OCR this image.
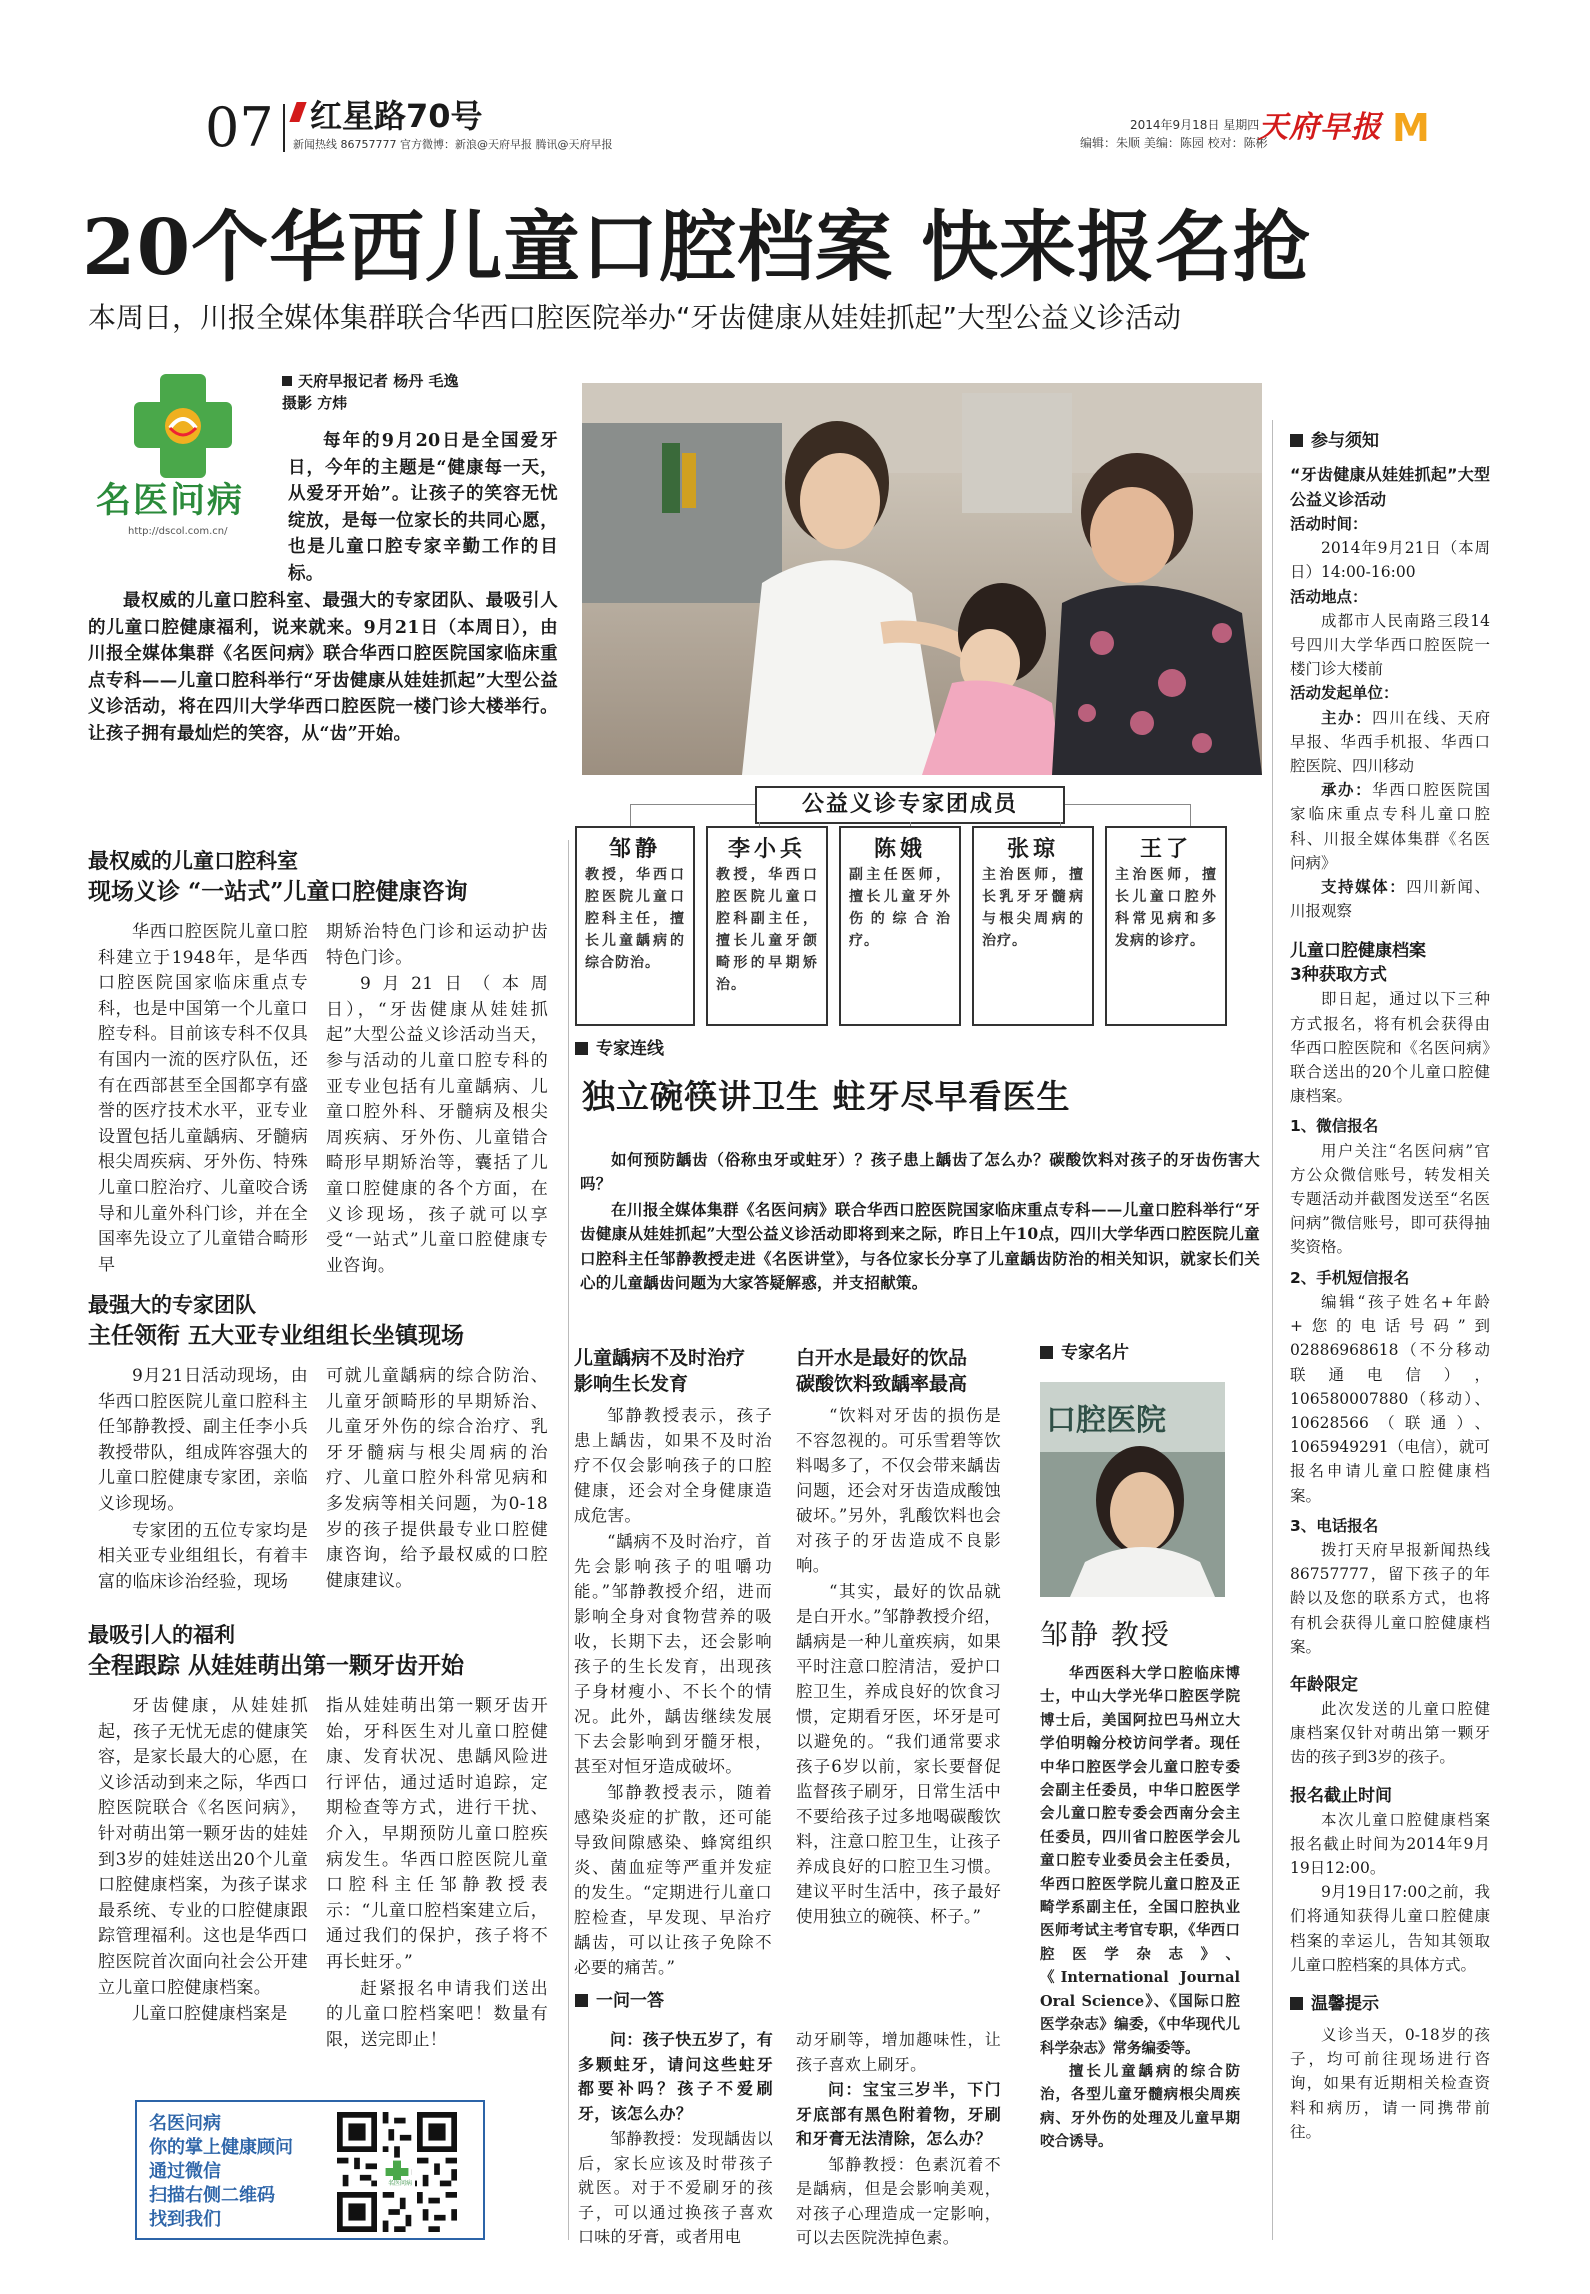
07 红星路70号
新闻热线 86757777 官方微博：新浪@天府早报 腾讯@天府早报
2014年9月18日 星期四
编辑：朱顺 美编：陈园 校对：陈彬
天府早报 M
20个华西儿童口腔档案 快来报名抢
本周日，川报全媒体集群联合华西口腔医院举办“牙齿健康从娃娃抓起”大型公益义诊活动
天府早报记者 杨丹 毛逸
摄影 方炜
名医问病
http://dscol.com.cn/

每年的9月20日是全国爱牙日，今年的主题是“健康每一天，从爱牙开始”。让孩子的笑容无忧绽放，是每一位家长的共同心愿，也是儿童口腔专家辛勤工作的目标。

最权威的儿童口腔科室、最强大的专家团队、最吸引人的儿童口腔健康福利，说来就来。9月21日（本周日），由川报全媒体集群《名医问病》联合华西口腔医院国家临床重点专科——儿童口腔科举行“牙齿健康从娃娃抓起”大型公益义诊活动，将在四川大学华西口腔医院一楼门诊大楼举行。让孩子拥有最灿烂的笑容，从“齿”开始。

公益义诊专家团成员
邹静
教授，华西口腔医院儿童口腔科主任，擅长儿童龋病的综合防治。
李小兵
教授，华西口腔医院儿童口腔科副主任，擅长儿童牙颌畸形的早期矫治。
陈娥
副主任医师，擅长儿童牙外伤的综合治疗。
张琼
主治医师，擅长乳牙牙髓病与根尖周病的治疗。
王了
主治医师，擅长儿童口腔外科常见病和多发病的诊疗。
最权威的儿童口腔科室
现场义诊 “一站式”儿童口腔健康咨询

华西口腔医院儿童口腔科建立于1948年，是华西口腔医院国家临床重点专科，也是中国第一个儿童口腔专科。目前该专科不仅具有国内一流的医疗队伍，还有在西部甚至全国都享有盛誉的医疗技术水平，亚专业设置包括儿童龋病、牙髓病根尖周疾病、牙外伤、特殊儿童口腔治疗、儿童咬合诱导和儿童外科门诊，并在全国率先设立了儿童错合畸形早

期矫治特色门诊和运动护齿特色门诊。

9月21日（本周日），“牙齿健康从娃娃抓起”大型公益义诊活动当天，参与活动的儿童口腔专科的亚专业包括有儿童龋病、儿童口腔外科、牙髓病及根尖周疾病、牙外伤、儿童错合畸形早期矫治等，囊括了儿童口腔健康的各个方面，在义诊现场，孩子就可以享受“一站式”儿童口腔健康专业咨询。

最强大的专家团队
主任领衔 五大亚专业组组长坐镇现场

9月21日活动现场，由华西口腔医院儿童口腔科主任邹静教授、副主任李小兵教授带队，组成阵容强大的儿童口腔健康专家团，亲临义诊现场。

专家团的五位专家均是相关亚专业组组长，有着丰富的临床诊治经验，现场

可就儿童龋病的综合防治、儿童牙颌畸形的早期矫治、儿童牙外伤的综合治疗、乳牙牙髓病与根尖周病的治疗、儿童口腔外科常见病和多发病等相关问题，为0-18岁的孩子提供最专业口腔健康咨询，给予最权威的口腔健康建议。

最吸引人的福利
全程跟踪 从娃娃萌出第一颗牙齿开始

牙齿健康，从娃娃抓起，孩子无忧无虑的健康笑容，是家长最大的心愿，在义诊活动到来之际，华西口腔医院联合《名医问病》，针对萌出第一颗牙齿的娃娃到3岁的娃娃送出20个儿童口腔健康档案，为孩子谋求最系统、专业的口腔健康跟踪管理福利。这也是华西口腔医院首次面向社会公开建立儿童口腔健康档案。

儿童口腔健康档案是

指从娃娃萌出第一颗牙齿开始，牙科医生对儿童口腔健康、发育状况、患龋风险进行评估，通过适时追踪，定期检查等方式，进行干扰、介入，早期预防儿童口腔疾病发生。华西口腔医院儿童口腔科主任邹静教授表示：“儿童口腔档案建立后，通过我们的保护，孩子将不再长蛀牙。”

赶紧报名申请我们送出的儿童口腔档案吧！数量有限，送完即止！

名医问病
你的掌上健康顾问
通过微信
扫描右侧二维码
找到我们
名医问病
专家连线
独立碗筷讲卫生 蛀牙尽早看医生

如何预防龋齿（俗称虫牙或蛀牙）？孩子患上龋齿了怎么办？碳酸饮料对孩子的牙齿伤害大吗？

在川报全媒体集群《名医问病》联合华西口腔医院国家临床重点专科——儿童口腔科举行“牙齿健康从娃娃抓起”大型公益义诊活动即将到来之际，昨日上午10点，四川大学华西口腔医院儿童口腔科主任邹静教授走进《名医讲堂》，与各位家长分享了儿童龋齿防治的相关知识，就家长们关心的儿童龋齿问题为大家答疑解惑，并支招献策。

儿童龋病不及时治疗
影响生长发育

邹静教授表示，孩子患上龋齿，如果不及时治疗不仅会影响孩子的口腔健康，还会对全身健康造成危害。

“龋病不及时治疗，首先会影响孩子的咀嚼功能。”邹静教授介绍，进而影响全身对食物营养的吸收，长期下去，还会影响孩子的生长发育，出现孩子身材瘦小、不长个的情况。此外，龋齿继续发展下去会影响到牙髓牙根，甚至对恒牙造成破坏。

邹静教授表示，随着感染炎症的扩散，还可能导致间隙感染、蜂窝组织炎、菌血症等严重并发症的发生。“定期进行儿童口腔检查，早发现、早治疗龋齿，可以让孩子免除不必要的痛苦。”

白开水是最好的饮品
碳酸饮料致龋率最高

“饮料对牙齿的损伤是不容忽视的。可乐雪碧等饮料喝多了，不仅会带来龋齿问题，还会对牙齿造成酸蚀破坏。”另外，乳酸饮料也会对孩子的牙齿造成不良影响。

“其实，最好的饮品就是白开水。”邹静教授介绍，龋病是一种儿童疾病，如果平时注意口腔清洁，爱护口腔卫生，养成良好的饮食习惯，定期看牙医，坏牙是可以避免的。“我们通常要求孩子6岁以前，家长要督促监督孩子刷牙，日常生活中不要给孩子过多地喝碳酸饮料，注意口腔卫生，让孩子养成良好的口腔卫生习惯。建议平时生活中，孩子最好使用独立的碗筷、杯子。”

一问一答

问：孩子快五岁了，有多颗蛀牙，请问这些蛀牙都要补吗？孩子不爱刷牙，该怎么办？

邹静教授：发现龋齿以后，家长应该及时带孩子就医。对于不爱刷牙的孩子，可以通过换孩子喜欢口味的牙膏，或者用电

动牙刷等，增加趣味性，让孩子喜欢上刷牙。

问：宝宝三岁半，下门牙底部有黑色附着物，牙刷和牙膏无法清除，怎么办？

邹静教授：色素沉着不是龋病，但是会影响美观，对孩子心理造成一定影响，可以去医院洗掉色素。

专家名片
口腔医院
邹静 教授

华西医科大学口腔临床博士，中山大学光华口腔医学院博士后，美国阿拉巴马州立大学伯明翰分校访问学者。现任中华口腔医学会儿童口腔专委会副主任委员，中华口腔医学会儿童口腔专委会西南分会主任委员，四川省口腔医学会儿童口腔专业委员会主任委员，华西口腔医学院儿童口腔及正畸学系副主任，全国口腔执业医师考试主考官专职，《华西口腔医学杂志》、《International Journal Oral Science》、《国际口腔医学杂志》编委，《中华现代儿科学杂志》常务编委等。

擅长儿童龋病的综合防治，各型儿童牙髓病根尖周疾病、牙外伤的处理及儿童早期咬合诱导。

参与须知

“牙齿健康从娃娃抓起”大型公益义诊活动

活动时间：

2014年9月21日（本周日）14:00-16:00

活动地点：

成都市人民南路三段14号四川大学华西口腔医院一楼门诊大楼前

活动发起单位：

主办：四川在线、天府早报、华西手机报、华西口腔医院、四川移动

承办：华西口腔医院国家临床重点专科儿童口腔科、川报全媒体集群《名医问病》

支持媒体：四川新闻、川报观察

儿童口腔健康档案
3种获取方式

即日起，通过以下三种方式报名，将有机会获得由华西口腔医院和《名医问病》联合送出的20个儿童口腔健康档案。

1、微信报名

用户关注“名医问病”官方公众微信账号，转发相关专题活动并截图发送至“名医问病”微信账号，即可获得抽奖资格。

2、手机短信报名

编辑“孩子姓名+年龄+您的电话号码”到02886968618（不分移动联通电信），106580007880（移动）、10628566（联通）、1065949291（电信），就可报名申请儿童口腔健康档案。

3、电话报名

拨打天府早报新闻热线86757777，留下孩子的年龄以及您的联系方式，也将有机会获得儿童口腔健康档案。

年龄限定

此次发送的儿童口腔健康档案仅针对萌出第一颗牙齿的孩子到3岁的孩子。

报名截止时间

本次儿童口腔健康档案报名截止时间为2014年9月19日12:00。

9月19日17:00之前，我们将通知获得儿童口腔健康档案的幸运儿，告知其领取儿童口腔档案的具体方式。

温馨提示

义诊当天，0-18岁的孩子，均可前往现场进行咨询，如果有近期相关检查资料和病历，请一同携带前往。
